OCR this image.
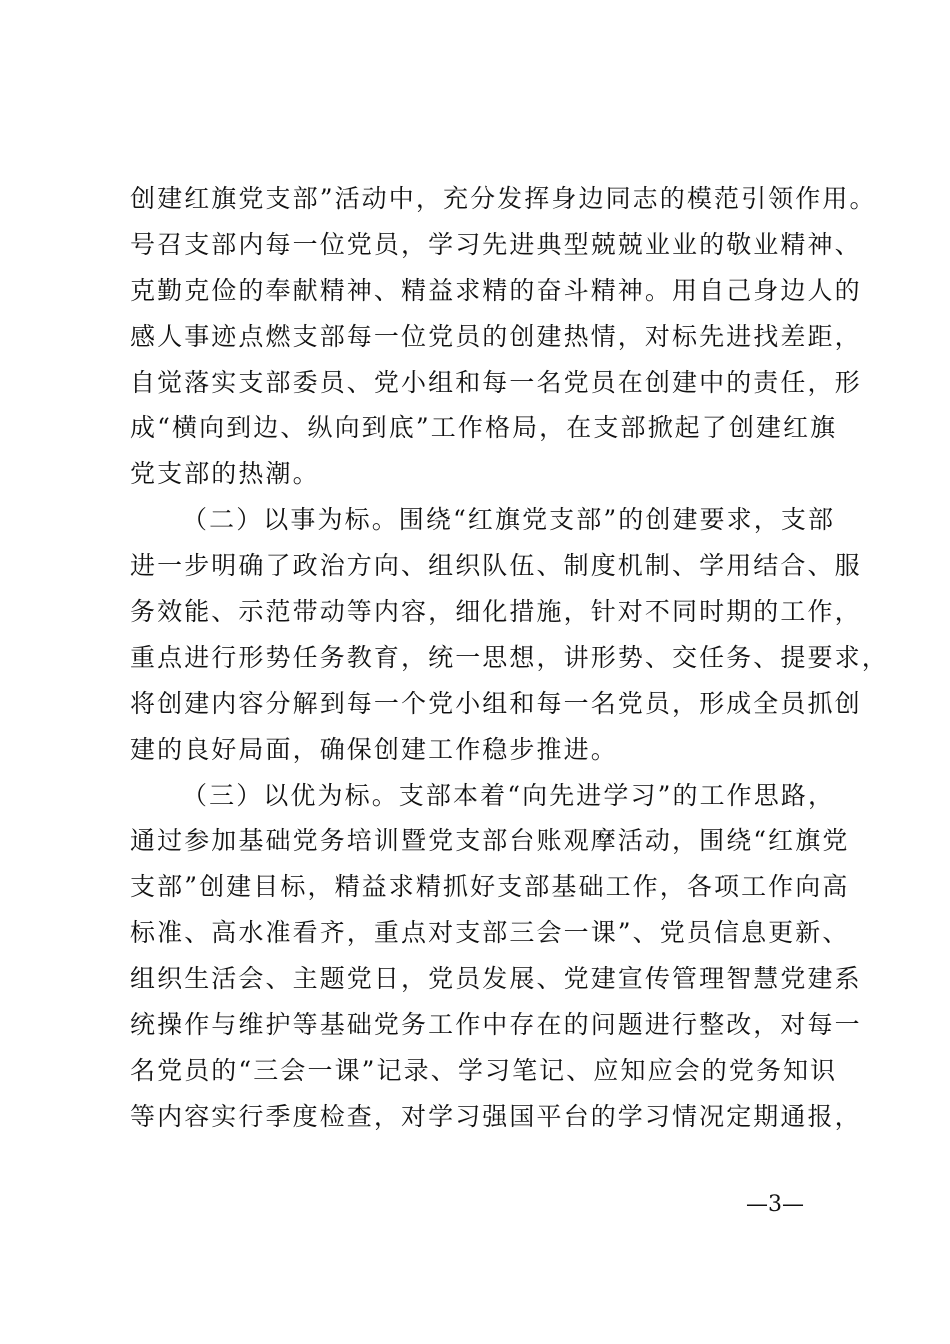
创建红旗党支部”活动中，充分发挥身边同志的模范引领作用。
号召支部内每一位党员，学习先进典型兢兢业业的敬业精神、
克勤克俭的奉献精神、精益求精的奋斗精神。用自己身边人的
感人事迹点燃支部每一位党员的创建热情，对标先进找差距，
自觉落实支部委员、党小组和每一名党员在创建中的责任，形
成“横向到边、纵向到底”工作格局，在支部掀起了创建红旗
党支部的热潮。
（二）以事为标。围绕“红旗党支部”的创建要求，支部
进一步明确了政治方向、组织队伍、制度机制、学用结合、服
务效能、示范带动等内容，细化措施，针对不同时期的工作，
重点进行形势任务教育，统一思想，讲形势、交任务、提要求，
将创建内容分解到每一个党小组和每一名党员，形成全员抓创
建的良好局面，确保创建工作稳步推进。
（三）以优为标。支部本着“向先进学习”的工作思路，
通过参加基础党务培训暨党支部台账观摩活动，围绕“红旗党
支部”创建目标，精益求精抓好支部基础工作，各项工作向高
标准、高水准看齐，重点对支部三会一课”、党员信息更新、
组织生活会、主题党日，党员发展、党建宣传管理智慧党建系
统操作与维护等基础党务工作中存在的问题进行整改，对每一
名党员的“三会一课”记录、学习笔记、应知应会的党务知识
等内容实行季度检查，对学习强国平台的学习情况定期通报，
—3—
